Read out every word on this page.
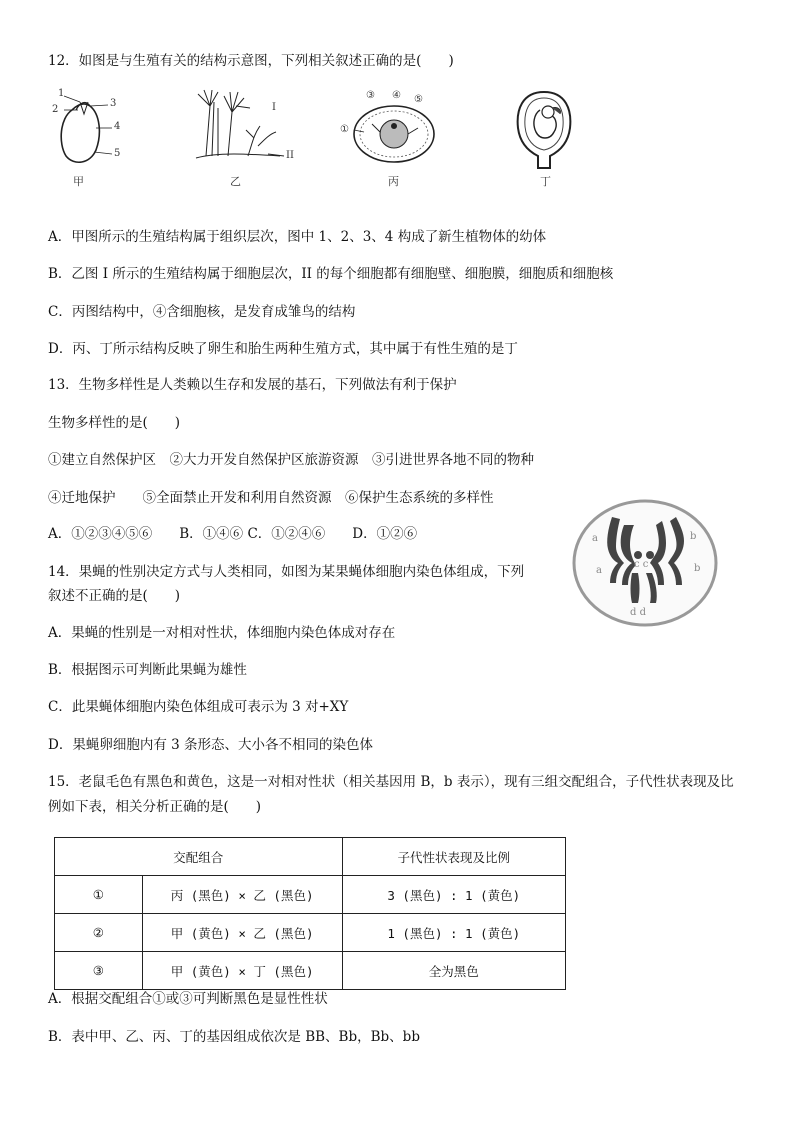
12．如图是与生殖有关的结构示意图，下列相关叙述正确的是(　　)
1
2
3
4
5
甲
I
II
乙
③ ④ ⑤
①
丙	丁
A．甲图所示的生殖结构属于组织层次，图中 1、2、3、4 构成了新生植物体的幼体
B．乙图 I 所示的生殖结构属于细胞层次，II 的每个细胞都有细胞壁、细胞膜，细胞质和细胞核
C．丙图结构中，④含细胞核，是发育成雏鸟的结构
D．丙、丁所示结构反映了卵生和胎生两种生殖方式，其中属于有性生殖的是丁
13．生物多样性是人类赖以生存和发展的基石，下列做法有利于保护
生物多样性的是(　　)
①建立自然保护区　②大力开发自然保护区旅游资源　③引进世界各地不同的物种
④迁地保护　　⑤全面禁止开发和利用自然资源　⑥保护生态系统的多样性
A．①②③④⑤⑥　　B．①④⑥ C．①②④⑥　　D．①②⑥
14．果蝇的性别决定方式与人类相同，如图为某果蝇体细胞内染色体组成，下列
叙述不正确的是(　　)
a
a
b
b
c c
d d
A．果蝇的性别是一对相对性状，体细胞内染色体成对存在
B．根据图示可判断此果蝇为雄性
C．此果蝇体细胞内染色体组成可表示为 3 对+XY
D．果蝇卵细胞内有 3 条形态、大小各不相同的染色体
15．老鼠毛色有黑色和黄色，这是一对相对性状（相关基因用 B，b 表示），现有三组交配组合，子代性状表现及比
例如下表，相关分析正确的是(　　)
交配组合		子代性状表现及比例
①	丙 (黑色) × 乙 (黑色)	3 (黑色) : 1 (黄色)
②	甲 (黄色) × 乙 (黑色)	1 (黑色) : 1 (黄色)
③	甲 (黄色) × 丁 (黑色)	全为黑色
A．根据交配组合①或③可判断黑色是显性性状
B．表中甲、乙、丙、丁的基因组成依次是 BB、Bb，Bb、bb
